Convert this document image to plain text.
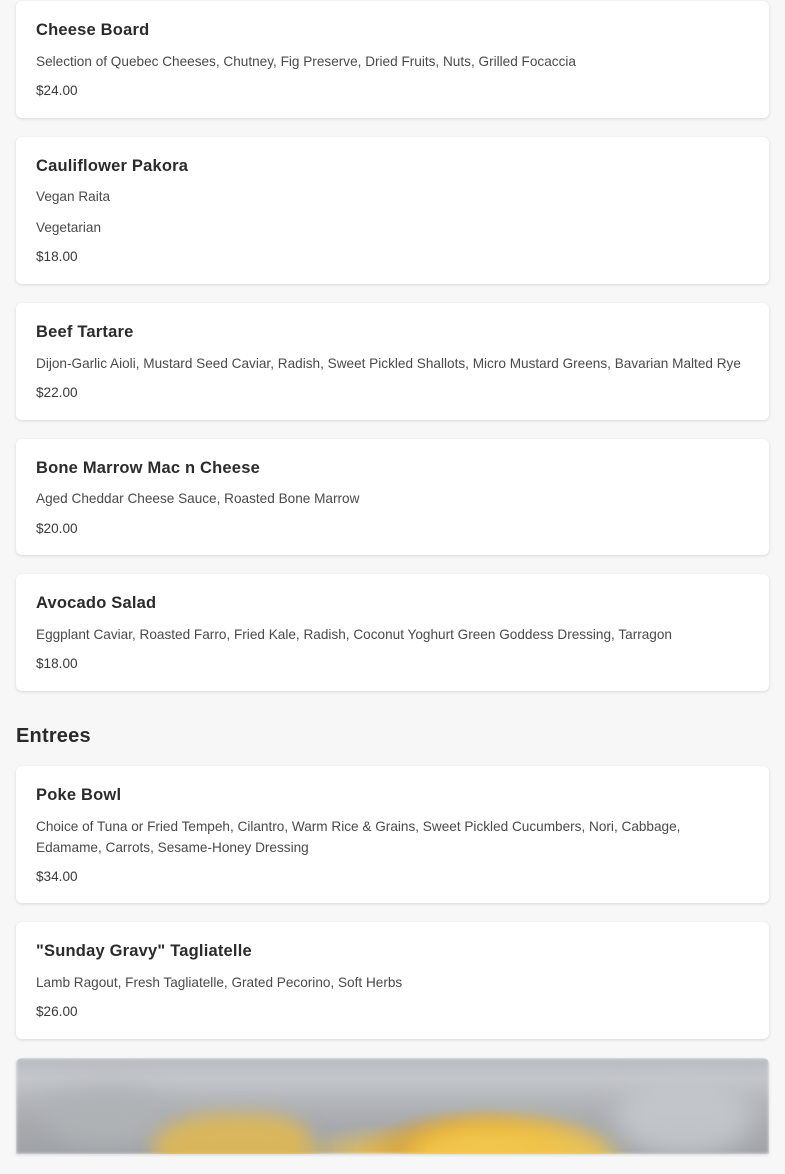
Cheese Board
Selection of Quebec Cheeses, Chutney, Fig Preserve, Dried Fruits, Nuts, Grilled Focaccia
$24.00
Cauliflower Pakora
Vegan Raita
Vegetarian
$18.00
Beef Tartare
Dijon-Garlic Aioli, Mustard Seed Caviar, Radish, Sweet Pickled Shallots, Micro Mustard Greens, Bavarian Malted Rye
$22.00
Bone Marrow Mac n Cheese
Aged Cheddar Cheese Sauce, Roasted Bone Marrow
$20.00
Avocado Salad
Eggplant Caviar, Roasted Farro, Fried Kale, Radish, Coconut Yoghurt Green Goddess Dressing, Tarragon
$18.00
Entrees
Poke Bowl
Choice of Tuna or Fried Tempeh, Cilantro, Warm Rice & Grains, Sweet Pickled Cucumbers, Nori, Cabbage, Edamame, Carrots, Sesame-Honey Dressing
$34.00
"Sunday Gravy" Tagliatelle
Lamb Ragout, Fresh Tagliatelle, Grated Pecorino, Soft Herbs
$26.00
